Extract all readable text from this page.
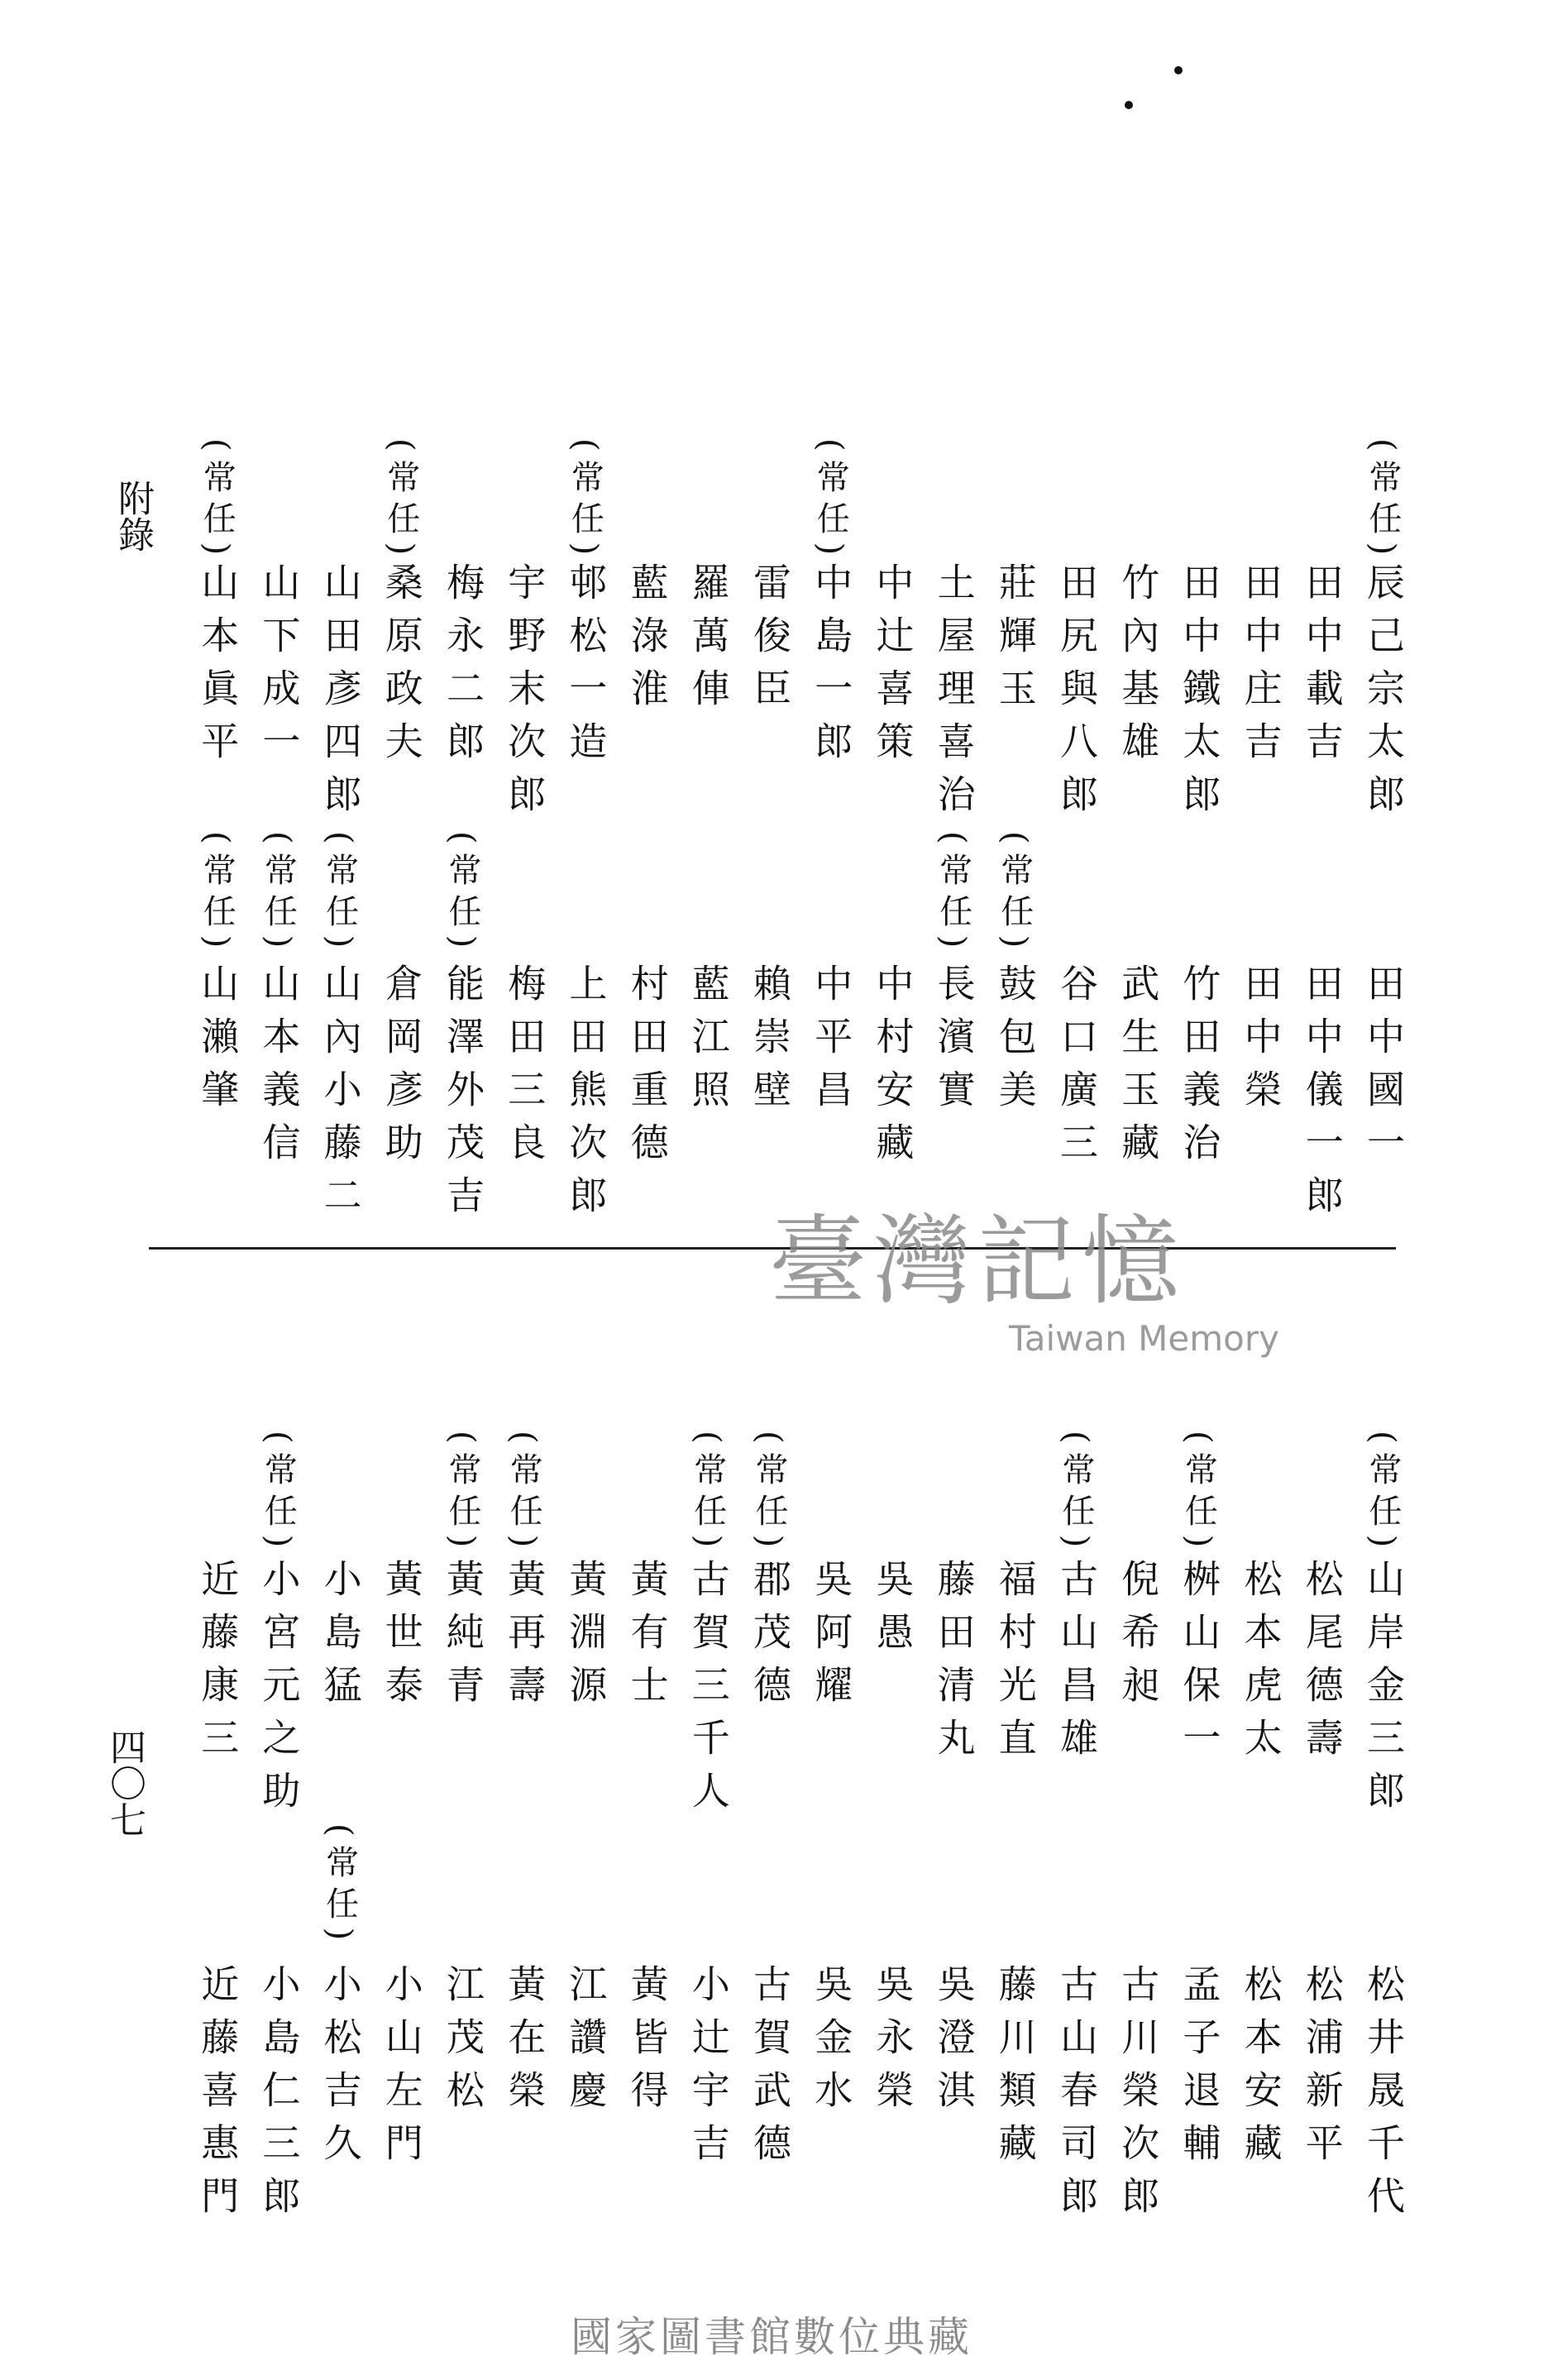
(常任)
辰己宗太郎
田中載吉
田中庄吉
田中鐵太郎
竹內基雄
田尻與八郎
莊輝玉
土屋理喜治
中辻喜策
(常任)
中島一郎
雷俊臣
羅萬俥
藍淥淮
(常任)
邨松一造
宇野末次郎
梅永二郎
(常任)
桑原政夫
山田彥四郎
山下成一
(常任)
山本眞平
田中國一
田中儀一郎
田中榮
竹田義治
武生玉藏
谷口廣三
(常任)
鼓包美
(常任)
長濱實
中村安藏
中平昌
賴崇壁
藍江照
村田重德
上田熊次郎
梅田三良
(常任)
能澤外茂吉
倉岡彥助
(常任)
山內小藤二
(常任)
山本義信
(常任)
山瀨肇
(常任)
山岸金三郎
松尾德壽
松本虎太
(常任)
桝山保一
倪希昶
(常任)
古山昌雄
福村光直
藤田清丸
吳愚
吳阿耀
(常任)
郡茂德
(常任)
古賀三千人
黃有士
黃淵源
(常任)
黃再壽
(常任)
黃純青
黃世泰
小島猛
(常任)
小宮元之助
近藤康三
松井晟千代
松浦新平
松本安藏
孟子退輔
古川榮次郎
古山春司郎
藤川類藏
吳澄淇
吳永榮
吳金水
古賀武德
小辻宇吉
黃皆得
江讚慶
黃在榮
江茂松
小山左門
(常任)
小松吉久
小島仁三郎
近藤喜惠門
附錄
四〇七
臺灣記憶
Taiwan Memory
國家圖書館數位典藏
